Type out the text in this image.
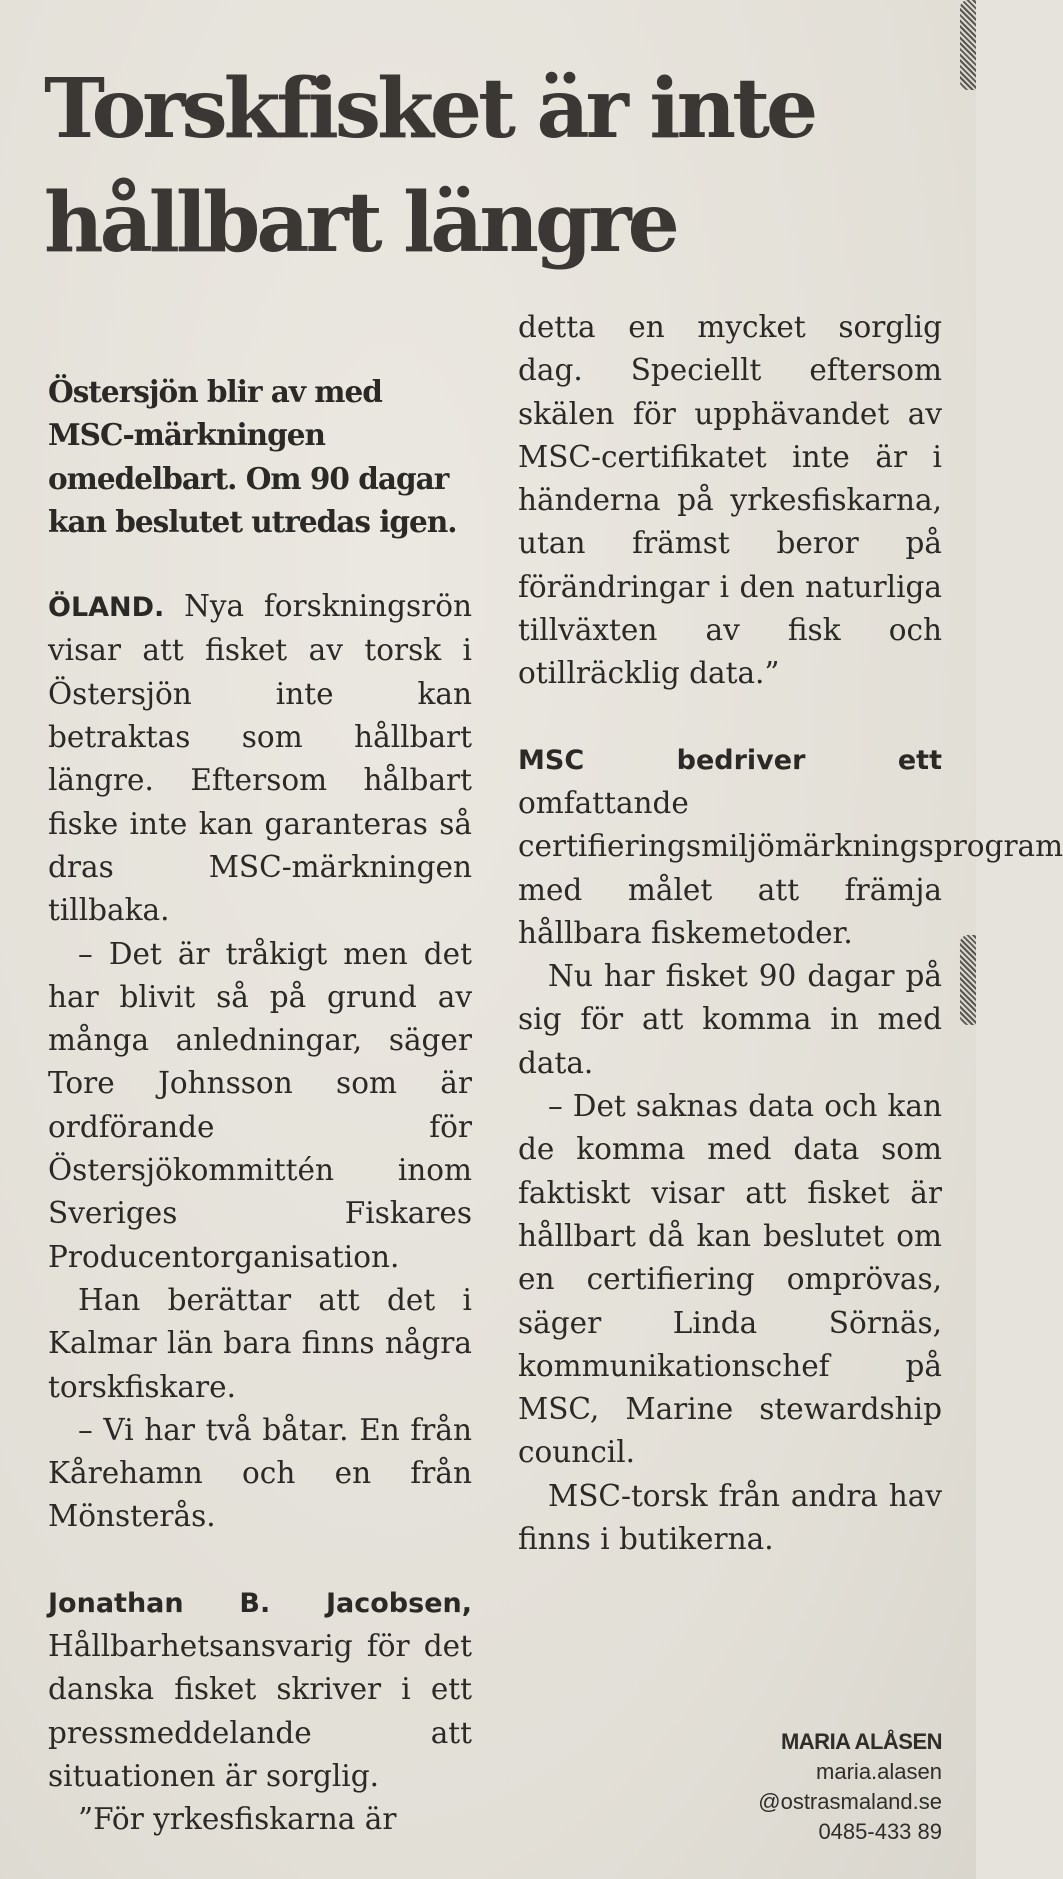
Torskfisket är inte hållbart längre

Östersjön blir av med MSC-märkningen omedelbart. Om 90 dagar kan beslutet utredas igen.

ÖLAND. Nya forskningsrön visar att fisket av torsk i Östersjön inte kan betraktas som hållbart längre. Eftersom hålbart fiske inte kan garanteras så dras MSC-märkningen tillbaka.

– Det är tråkigt men det har blivit så på grund av många anledningar, säger Tore Johnsson som är ordförande för Östersjökommittén inom Sveriges Fiskares Producentorganisation.

Han berättar att det i Kalmar län bara finns några torskfiskare.

– Vi har två båtar. En från Kårehamn och en från Mönsterås.

Jonathan B. Jacobsen, Hållbarhetsansvarig för det danska fisket skriver i ett pressmeddelande att situationen är sorglig.

”För yrkesfiskarna är

detta en mycket sorglig dag. Speciellt eftersom skälen för upphävandet av MSC-certifikatet inte är i händerna på yrkesfiskarna, utan främst beror på förändringar i den naturliga tillväxten av fisk och otillräcklig data.”

MSC bedriver ett omfattande certifieringsmiljömärkningsprogram med målet att främja hållbara fiskemetoder.

Nu har fisket 90 dagar på sig för att komma in med data.

– Det saknas data och kan de komma med data som faktiskt visar att fisket är hållbart då kan beslutet om en certifiering omprövas, säger Linda Sörnäs, kommunikationschef på MSC, Marine stewardship council.

MSC-torsk från andra hav finns i butikerna.

MARIA ALÅSEN
maria.alasen
@ostrasmaland.se
0485-433 89
